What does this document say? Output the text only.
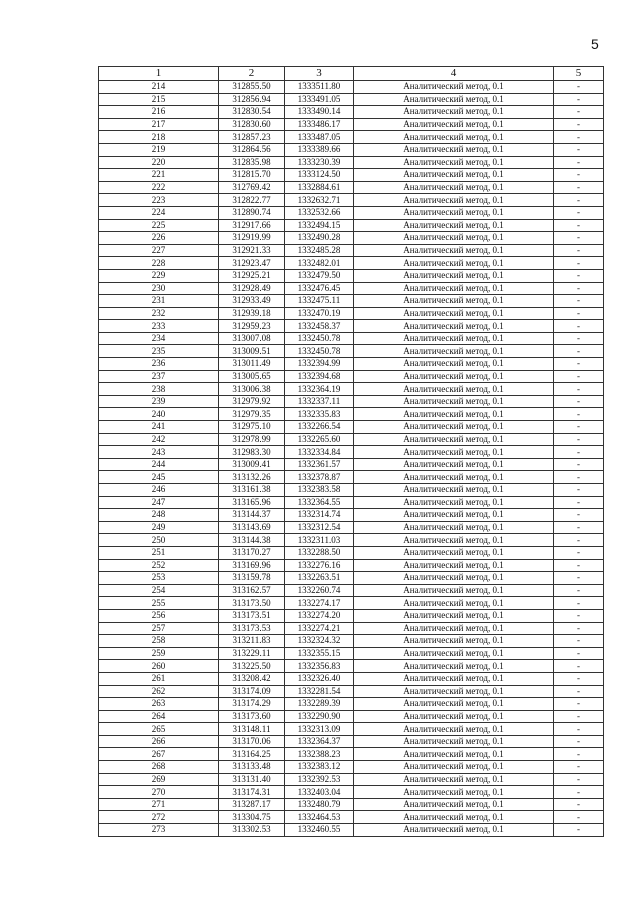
5
1	2	3	4	5
214	312855.50	1333511.80	Аналитический метод, 0.1	-
215	312856.94	1333491.05	Аналитический метод, 0.1	-
216	312830.54	1333490.14	Аналитический метод, 0.1	-
217	312830.60	1333486.17	Аналитический метод, 0.1	-
218	312857.23	1333487.05	Аналитический метод, 0.1	-
219	312864.56	1333389.66	Аналитический метод, 0.1	-
220	312835.98	1333230.39	Аналитический метод, 0.1	-
221	312815.70	1333124.50	Аналитический метод, 0.1	-
222	312769.42	1332884.61	Аналитический метод, 0.1	-
223	312822.77	1332632.71	Аналитический метод, 0.1	-
224	312890.74	1332532.66	Аналитический метод, 0.1	-
225	312917.66	1332494.15	Аналитический метод, 0.1	-
226	312919.99	1332490.28	Аналитический метод, 0.1	-
227	312921.33	1332485.28	Аналитический метод, 0.1	-
228	312923.47	1332482.01	Аналитический метод, 0.1	-
229	312925.21	1332479.50	Аналитический метод, 0.1	-
230	312928.49	1332476.45	Аналитический метод, 0.1	-
231	312933.49	1332475.11	Аналитический метод, 0.1	-
232	312939.18	1332470.19	Аналитический метод, 0.1	-
233	312959.23	1332458.37	Аналитический метод, 0.1	-
234	313007.08	1332450.78	Аналитический метод, 0.1	-
235	313009.51	1332450.78	Аналитический метод, 0.1	-
236	313011.49	1332394.99	Аналитический метод, 0.1	-
237	313005.65	1332394.68	Аналитический метод, 0.1	-
238	313006.38	1332364.19	Аналитический метод, 0.1	-
239	312979.92	1332337.11	Аналитический метод, 0.1	-
240	312979.35	1332335.83	Аналитический метод, 0.1	-
241	312975.10	1332266.54	Аналитический метод, 0.1	-
242	312978.99	1332265.60	Аналитический метод, 0.1	-
243	312983.30	1332334.84	Аналитический метод, 0.1	-
244	313009.41	1332361.57	Аналитический метод, 0.1	-
245	313132.26	1332378.87	Аналитический метод, 0.1	-
246	313161.38	1332383.58	Аналитический метод, 0.1	-
247	313165.96	1332364.55	Аналитический метод, 0.1	-
248	313144.37	1332314.74	Аналитический метод, 0.1	-
249	313143.69	1332312.54	Аналитический метод, 0.1	-
250	313144.38	1332311.03	Аналитический метод, 0.1	-
251	313170.27	1332288.50	Аналитический метод, 0.1	-
252	313169.96	1332276.16	Аналитический метод, 0.1	-
253	313159.78	1332263.51	Аналитический метод, 0.1	-
254	313162.57	1332260.74	Аналитический метод, 0.1	-
255	313173.50	1332274.17	Аналитический метод, 0.1	-
256	313173.51	1332274.20	Аналитический метод, 0.1	-
257	313173.53	1332274.21	Аналитический метод, 0.1	-
258	313211.83	1332324.32	Аналитический метод, 0.1	-
259	313229.11	1332355.15	Аналитический метод, 0.1	-
260	313225.50	1332356.83	Аналитический метод, 0.1	-
261	313208.42	1332326.40	Аналитический метод, 0.1	-
262	313174.09	1332281.54	Аналитический метод, 0.1	-
263	313174.29	1332289.39	Аналитический метод, 0.1	-
264	313173.60	1332290.90	Аналитический метод, 0.1	-
265	313148.11	1332313.09	Аналитический метод, 0.1	-
266	313170.06	1332364.37	Аналитический метод, 0.1	-
267	313164.25	1332388.23	Аналитический метод, 0.1	-
268	313133.48	1332383.12	Аналитический метод, 0.1	-
269	313131.40	1332392.53	Аналитический метод, 0.1	-
270	313174.31	1332403.04	Аналитический метод, 0.1	-
271	313287.17	1332480.79	Аналитический метод, 0.1	-
272	313304.75	1332464.53	Аналитический метод, 0.1	-
273	313302.53	1332460.55	Аналитический метод, 0.1	-
